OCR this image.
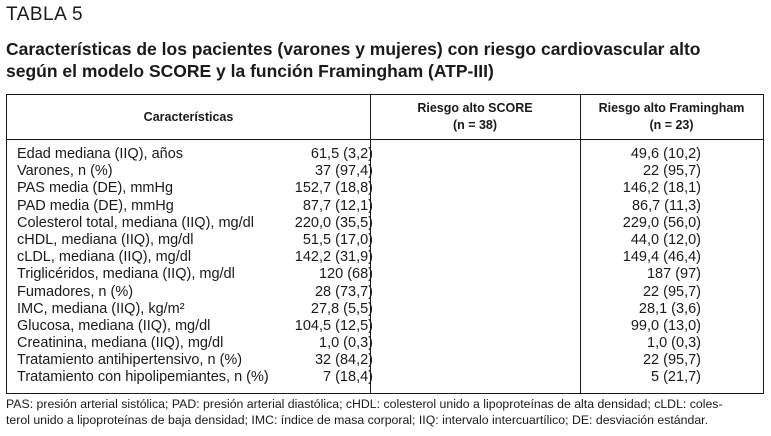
TABLA 5
Características de los pacientes (varones y mujeres) con riesgo cardiovascular alto
según el modelo SCORE y la función Framingham (ATP-III)
Características
Riesgo alto SCORE
(n = 38)
Riesgo alto Framingham
(n = 23)
Edad mediana (IIQ), años	61,5 (3,2)	49,6 (10,2)
Varones, n (%)	37 (97,4)	22 (95,7)
PAS media (DE), mmHg	152,7 (18,8)	146,2 (18,1)
PAD media (DE), mmHg	87,7 (12,1)	86,7 (11,3)
Colesterol total, mediana (IIQ), mg/dl	220,0 (35,5)	229,0 (56,0)
cHDL, mediana (IIQ), mg/dl	51,5 (17,0)	44,0 (12,0)
cLDL, mediana (IIQ), mg/dl	142,2 (31,9)	149,4 (46,4)
Triglicéridos, mediana (IIQ), mg/dl	120 (68)	187 (97)
Fumadores, n (%)	28 (73,7)	22 (95,7)
IMC, mediana (IIQ), kg/m²	27,8 (5,5)	28,1 (3,6)
Glucosa, mediana (IIQ), mg/dl	104,5 (12,5)	99,0 (13,0)
Creatinina, mediana (IIQ), mg/dl	1,0 (0,3)	1,0 (0,3)
Tratamiento antihipertensivo, n (%)	32 (84,2)	22 (95,7)
Tratamiento con hipolipemiantes, n (%)	7 (18,4)	5 (21,7)
PAS: presión arterial sistólica; PAD: presión arterial diastólica; cHDL: colesterol unido a lipoproteínas de alta densidad; cLDL: coles-
terol unido a lipoproteínas de baja densidad; IMC: índice de masa corporal; IIQ: intervalo intercuartílico; DE: desviación estándar.
